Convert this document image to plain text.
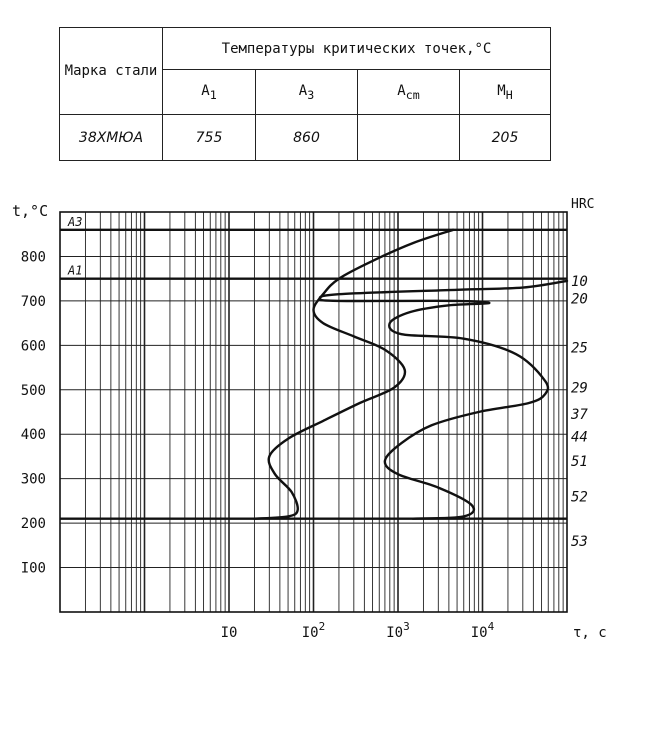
Марка стали	Температуры критических точек,°C			
	$A_1$	$A_3$	$A_{cm}$	$M_H$
38ХМЮА	755	860		205
A3
A1
I00
200
300
400
500
600
700
800
t,°C
I0	$I0^2$	$I0^3$	$I0^4$	τ, c
HRC
10
20
25
29
37
44
51
52
53
